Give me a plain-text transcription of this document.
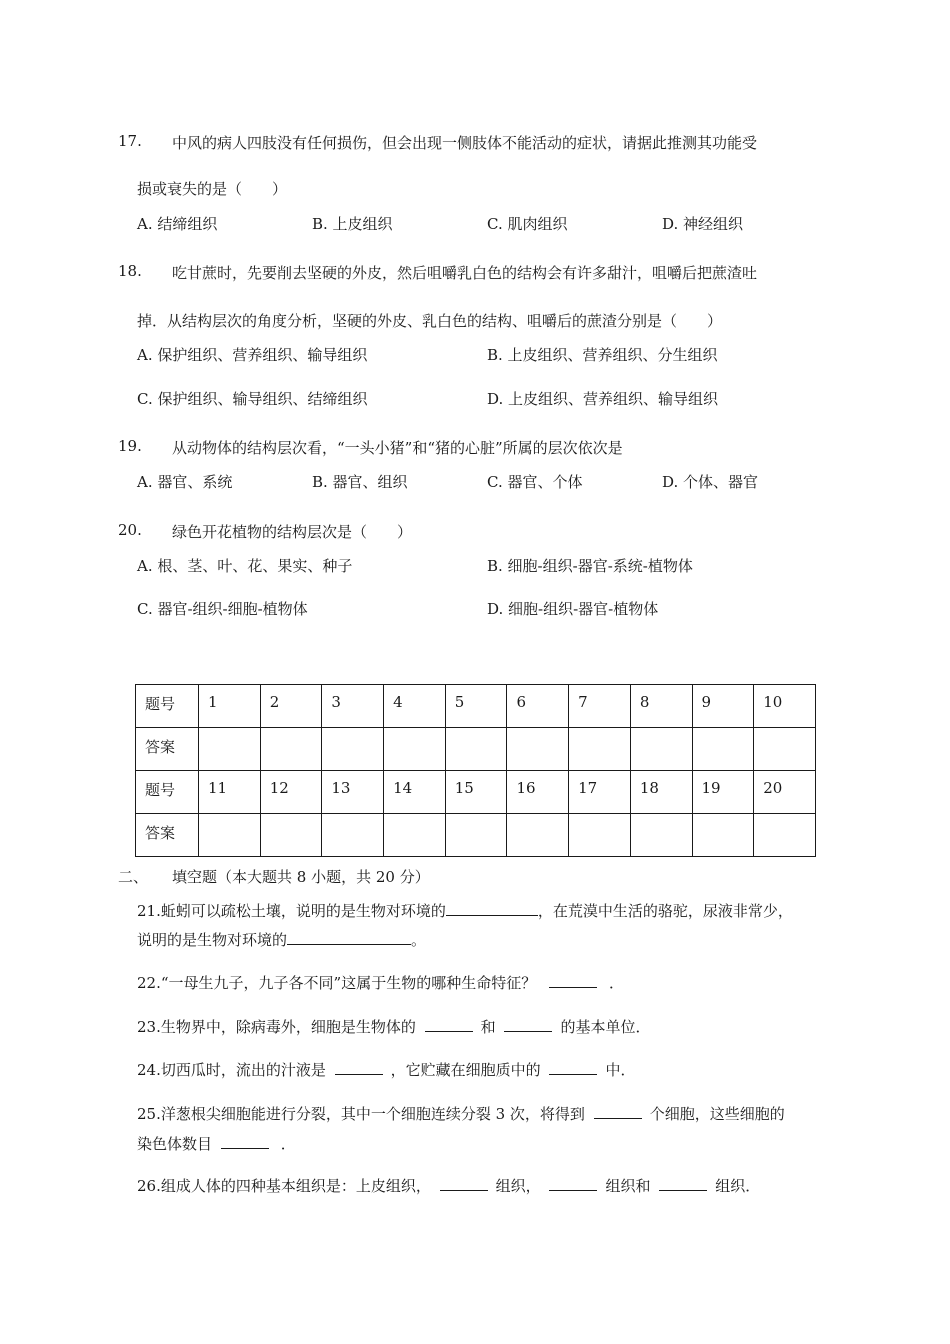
17. 中风的病人四肢没有任何损伤，但会出现一侧肢体不能活动的症状，请据此推测其功能受
损或衰失的是（　　）
A. 结缔组织	B. 上皮组织	C. 肌肉组织	D. 神经组织
18. 吃甘蔗时，先要削去坚硬的外皮，然后咀嚼乳白色的结构会有许多甜汁，咀嚼后把蔗渣吐
掉．从结构层次的角度分析，坚硬的外皮、乳白色的结构、咀嚼后的蔗渣分别是（　　）
A. 保护组织、营养组织、输导组织	B. 上皮组织、营养组织、分生组织
C. 保护组织、输导组织、结缔组织	D. 上皮组织、营养组织、输导组织
19. 从动物体的结构层次看，“一头小猪”和“猪的心脏”所属的层次依次是
A. 器官、系统	B. 器官、组织	C. 器官、个体	D. 个体、器官
20. 绿色开花植物的结构层次是（　　）
A. 根、茎、叶、花、果实、种子	B. 细胞-组织-器官-系统-植物体
C. 器官-组织-细胞-植物体	D. 细胞-组织-器官-植物体
题号	1	2	3	4	5	6	7	8	9	10
答案										
题号	11	12	13	14	15	16	17	18	19	20
答案										
二、 填空题（本大题共 8 小题，共 20 分）
21.蚯蚓可以疏松土壤，说明的是生物对环境的	，在荒漠中生活的骆驼，尿液非常少，
说明的是生物对环境的	。
22.“一母生九子，九子各不同”这属于生物的哪种生命特征？	．
23.生物界中，除病毒外，细胞是生物体的	和	的基本单位．
24.切西瓜时，流出的汁液是	，它贮藏在细胞质中的	中．
25.洋葱根尖细胞能进行分裂，其中一个细胞连续分裂 3 次，将得到	个细胞，这些细胞的
染色体数目	．
26.组成人体的四种基本组织是：上皮组织，	组织，	组织和	组织．
